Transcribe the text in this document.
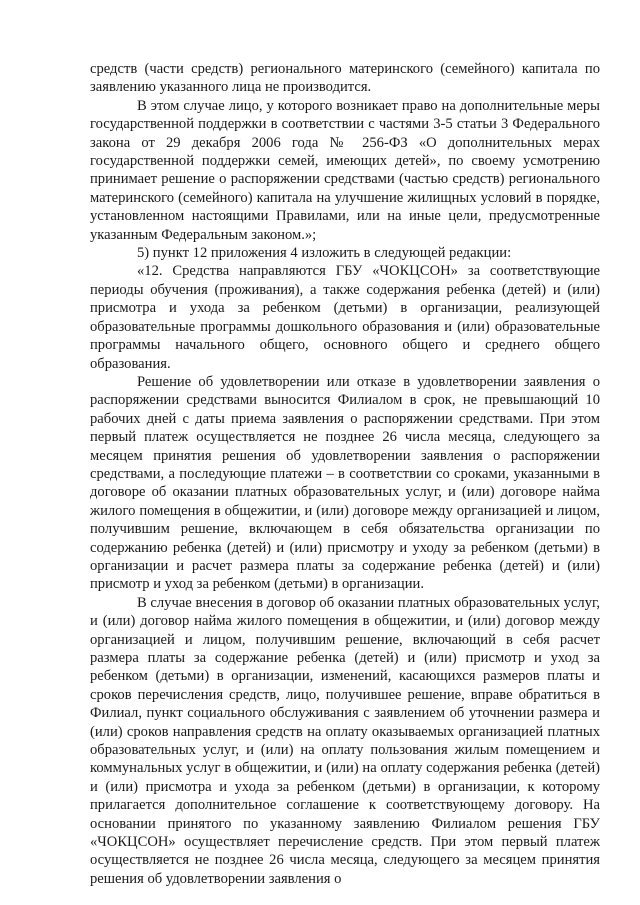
средств (части средств) регионального материнского (семейного) капитала по заявлению указанного лица не производится.

В этом случае лицо, у которого возникает право на дополнительные меры государственной поддержки в соответствии с частями 3-5 статьи 3 Федерального закона от 29 декабря 2006 года № 256-ФЗ «О дополнительных мерах государственной поддержки семей, имеющих детей», по своему усмотрению принимает решение о распоряжении средствами (частью средств) регионального материнского (семейного) капитала на улучшение жилищных условий в порядке, установленном настоящими Правилами, или на иные цели, предусмотренные указанным Федеральным законом.»;

5) пункт 12 приложения 4 изложить в следующей редакции:

«12. Средства направляются ГБУ «ЧОКЦСОН» за соответствующие периоды обучения (проживания), а также содержания ребенка (детей) и (или) присмотра и ухода за ребенком (детьми) в организации, реализующей образовательные программы дошкольного образования и (или) образовательные программы начального общего, основного общего и среднего общего образования.

Решение об удовлетворении или отказе в удовлетворении заявления о распоряжении средствами выносится Филиалом в срок, не превышающий 10 рабочих дней с даты приема заявления о распоряжении средствами. При этом первый платеж осуществляется не позднее 26 числа месяца, следующего за месяцем принятия решения об удовлетворении заявления о распоряжении средствами, а последующие платежи – в соответствии со сроками, указанными в договоре об оказании платных образовательных услуг, и (или) договоре найма жилого помещения в общежитии, и (или) договоре между организацией и лицом, получившим решение, включающем в себя обязательства организации по содержанию ребенка (детей) и (или) присмотру и уходу за ребенком (детьми) в организации и расчет размера платы за содержание ребенка (детей) и (или) присмотр и уход за ребенком (детьми) в организации.

В случае внесения в договор об оказании платных образовательных услуг, и (или) договор найма жилого помещения в общежитии, и (или) договор между организацией и лицом, получившим решение, включающий в себя расчет размера платы за содержание ребенка (детей) и (или) присмотр и уход за ребенком (детьми) в организации, изменений, касающихся размеров платы и сроков перечисления средств, лицо, получившее решение, вправе обратиться в Филиал, пункт социального обслуживания с заявлением об уточнении размера и (или) сроков направления средств на оплату оказываемых организацией платных образовательных услуг, и (или) на оплату пользования жилым помещением и коммунальных услуг в общежитии, и (или) на оплату содержания ребенка (детей) и (или) присмотра и ухода за ребенком (детьми) в организации, к которому прилагается дополнительное соглашение к соответствующему договору. На основании принятого по указанному заявлению Филиалом решения ГБУ «ЧОКЦСОН» осуществляет перечисление средств. При этом первый платеж осуществляется не позднее 26 числа месяца, следующего за месяцем принятия решения об удовлетворении заявления о
